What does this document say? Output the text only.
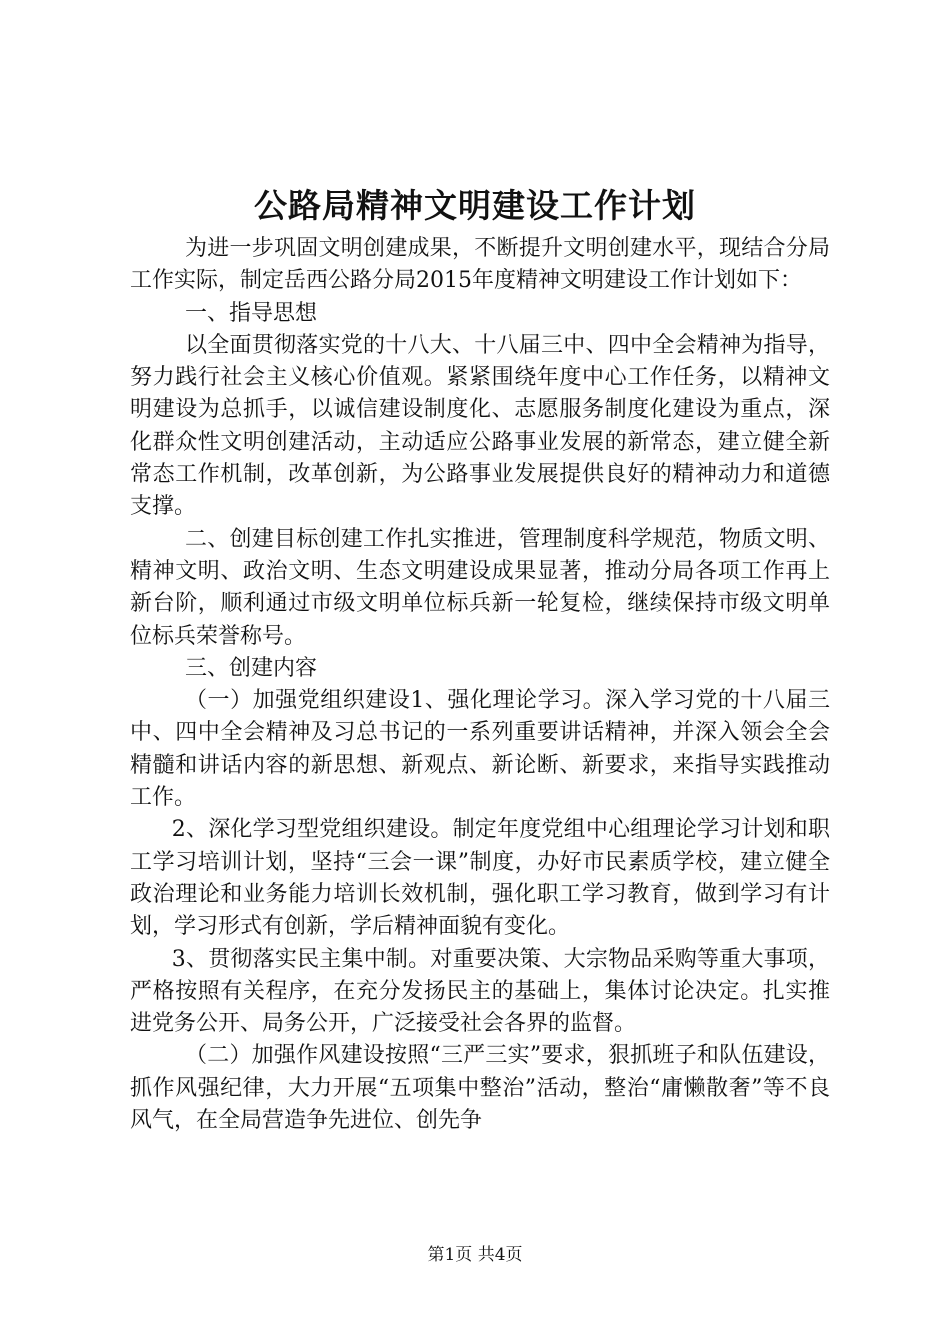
公路局精神文明建设工作计划

为进一步巩固文明创建成果，不断提升文明创建水平，现结合分局工作实际，制定岳西公路分局2015年度精神文明建设工作计划如下：

一、指导思想

以全面贯彻落实党的十八大、十八届三中、四中全会精神为指导，努力践行社会主义核心价值观。紧紧围绕年度中心工作任务，以精神文明建设为总抓手，以诚信建设制度化、志愿服务制度化建设为重点，深化群众性文明创建活动，主动适应公路事业发展的新常态，建立健全新常态工作机制，改革创新，为公路事业发展提供良好的精神动力和道德支撑。

二、创建目标创建工作扎实推进，管理制度科学规范，物质文明、精神文明、政治文明、生态文明建设成果显著，推动分局各项工作再上新台阶，顺利通过市级文明单位标兵新一轮复检，继续保持市级文明单位标兵荣誉称号。

三、创建内容

（一）加强党组织建设1、强化理论学习。深入学习党的十八届三中、四中全会精神及习总书记的一系列重要讲话精神，并深入领会全会精髓和讲话内容的新思想、新观点、新论断、新要求，来指导实践推动工作。

2、深化学习型党组织建设。制定年度党组中心组理论学习计划和职工学习培训计划，坚持“三会一课”制度，办好市民素质学校，建立健全政治理论和业务能力培训长效机制，强化职工学习教育，做到学习有计划，学习形式有创新，学后精神面貌有变化。

3、贯彻落实民主集中制。对重要决策、大宗物品采购等重大事项，严格按照有关程序，在充分发扬民主的基础上，集体讨论决定。扎实推进党务公开、局务公开，广泛接受社会各界的监督。

（二）加强作风建设按照“三严三实”要求，狠抓班子和队伍建设，抓作风强纪律，大力开展“五项集中整治”活动，整治“庸懒散奢”等不良风气，在全局营造争先进位、创先争

第1页 共4页
